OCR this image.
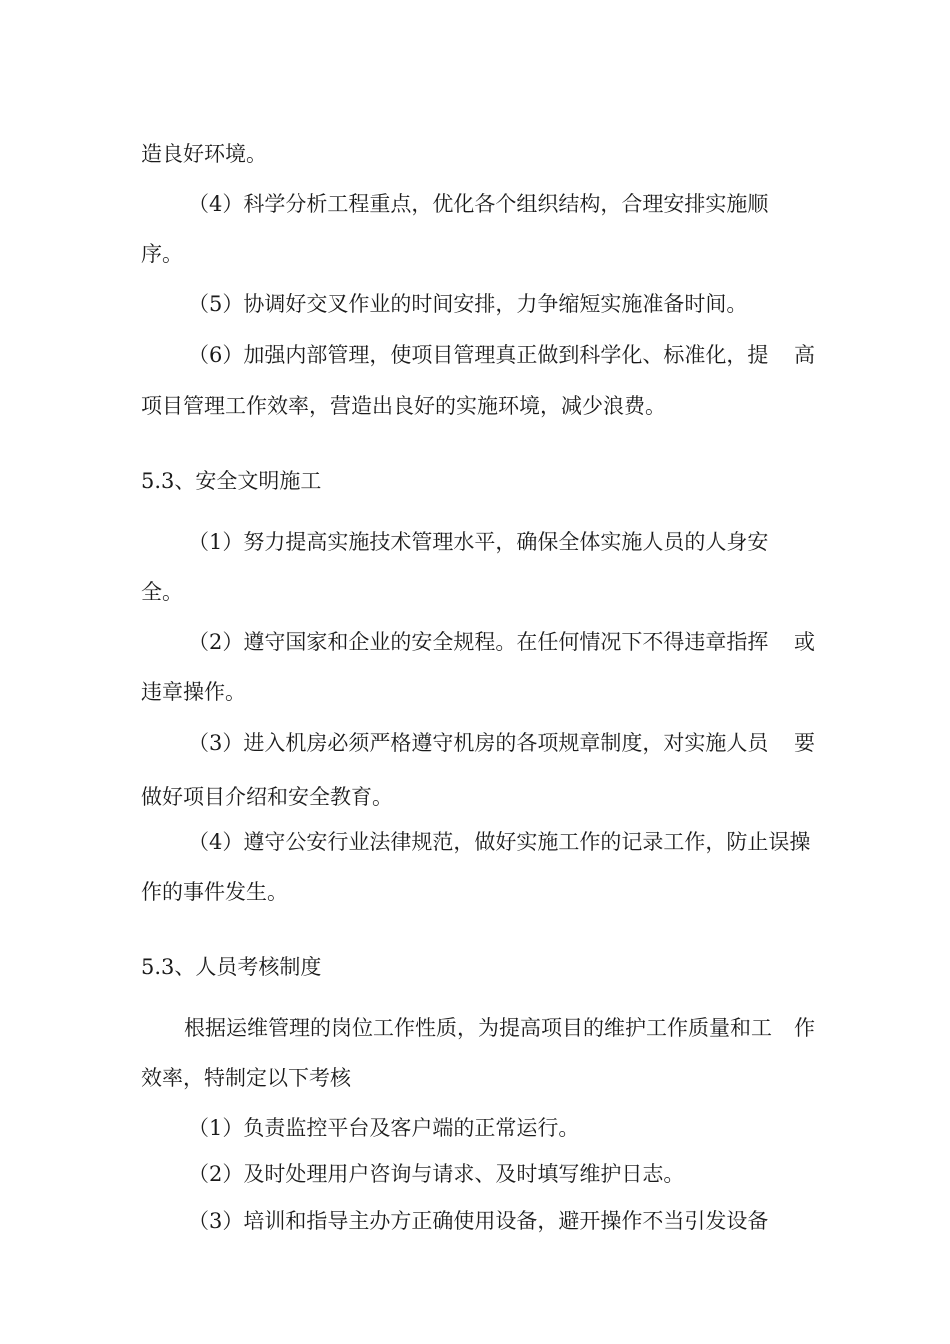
造良好环境。
（4）科学分析工程重点，优化各个组织结构，合理安排实施顺
序。
（5）协调好交叉作业的时间安排，力争缩短实施准备时间。
（6）加强内部管理，使项目管理真正做到科学化、标准化，提 高
项目管理工作效率，营造出良好的实施环境，减少浪费。
5.3、安全文明施工
（1）努力提高实施技术管理水平，确保全体实施人员的人身安
全。
（2）遵守国家和企业的安全规程。在任何情况下不得违章指挥 或
违章操作。
（3）进入机房必须严格遵守机房的各项规章制度，对实施人员 要
做好项目介绍和安全教育。
（4）遵守公安行业法律规范，做好实施工作的记录工作，防止误操
作的事件发生。
5.3、人员考核制度
根据运维管理的岗位工作性质，为提高项目的维护工作质量和工 作
效率，特制定以下考核
（1）负责监控平台及客户端的正常运行。
（2）及时处理用户咨询与请求、及时填写维护日志。
（3）培训和指导主办方正确使用设备，避开操作不当引发设备
